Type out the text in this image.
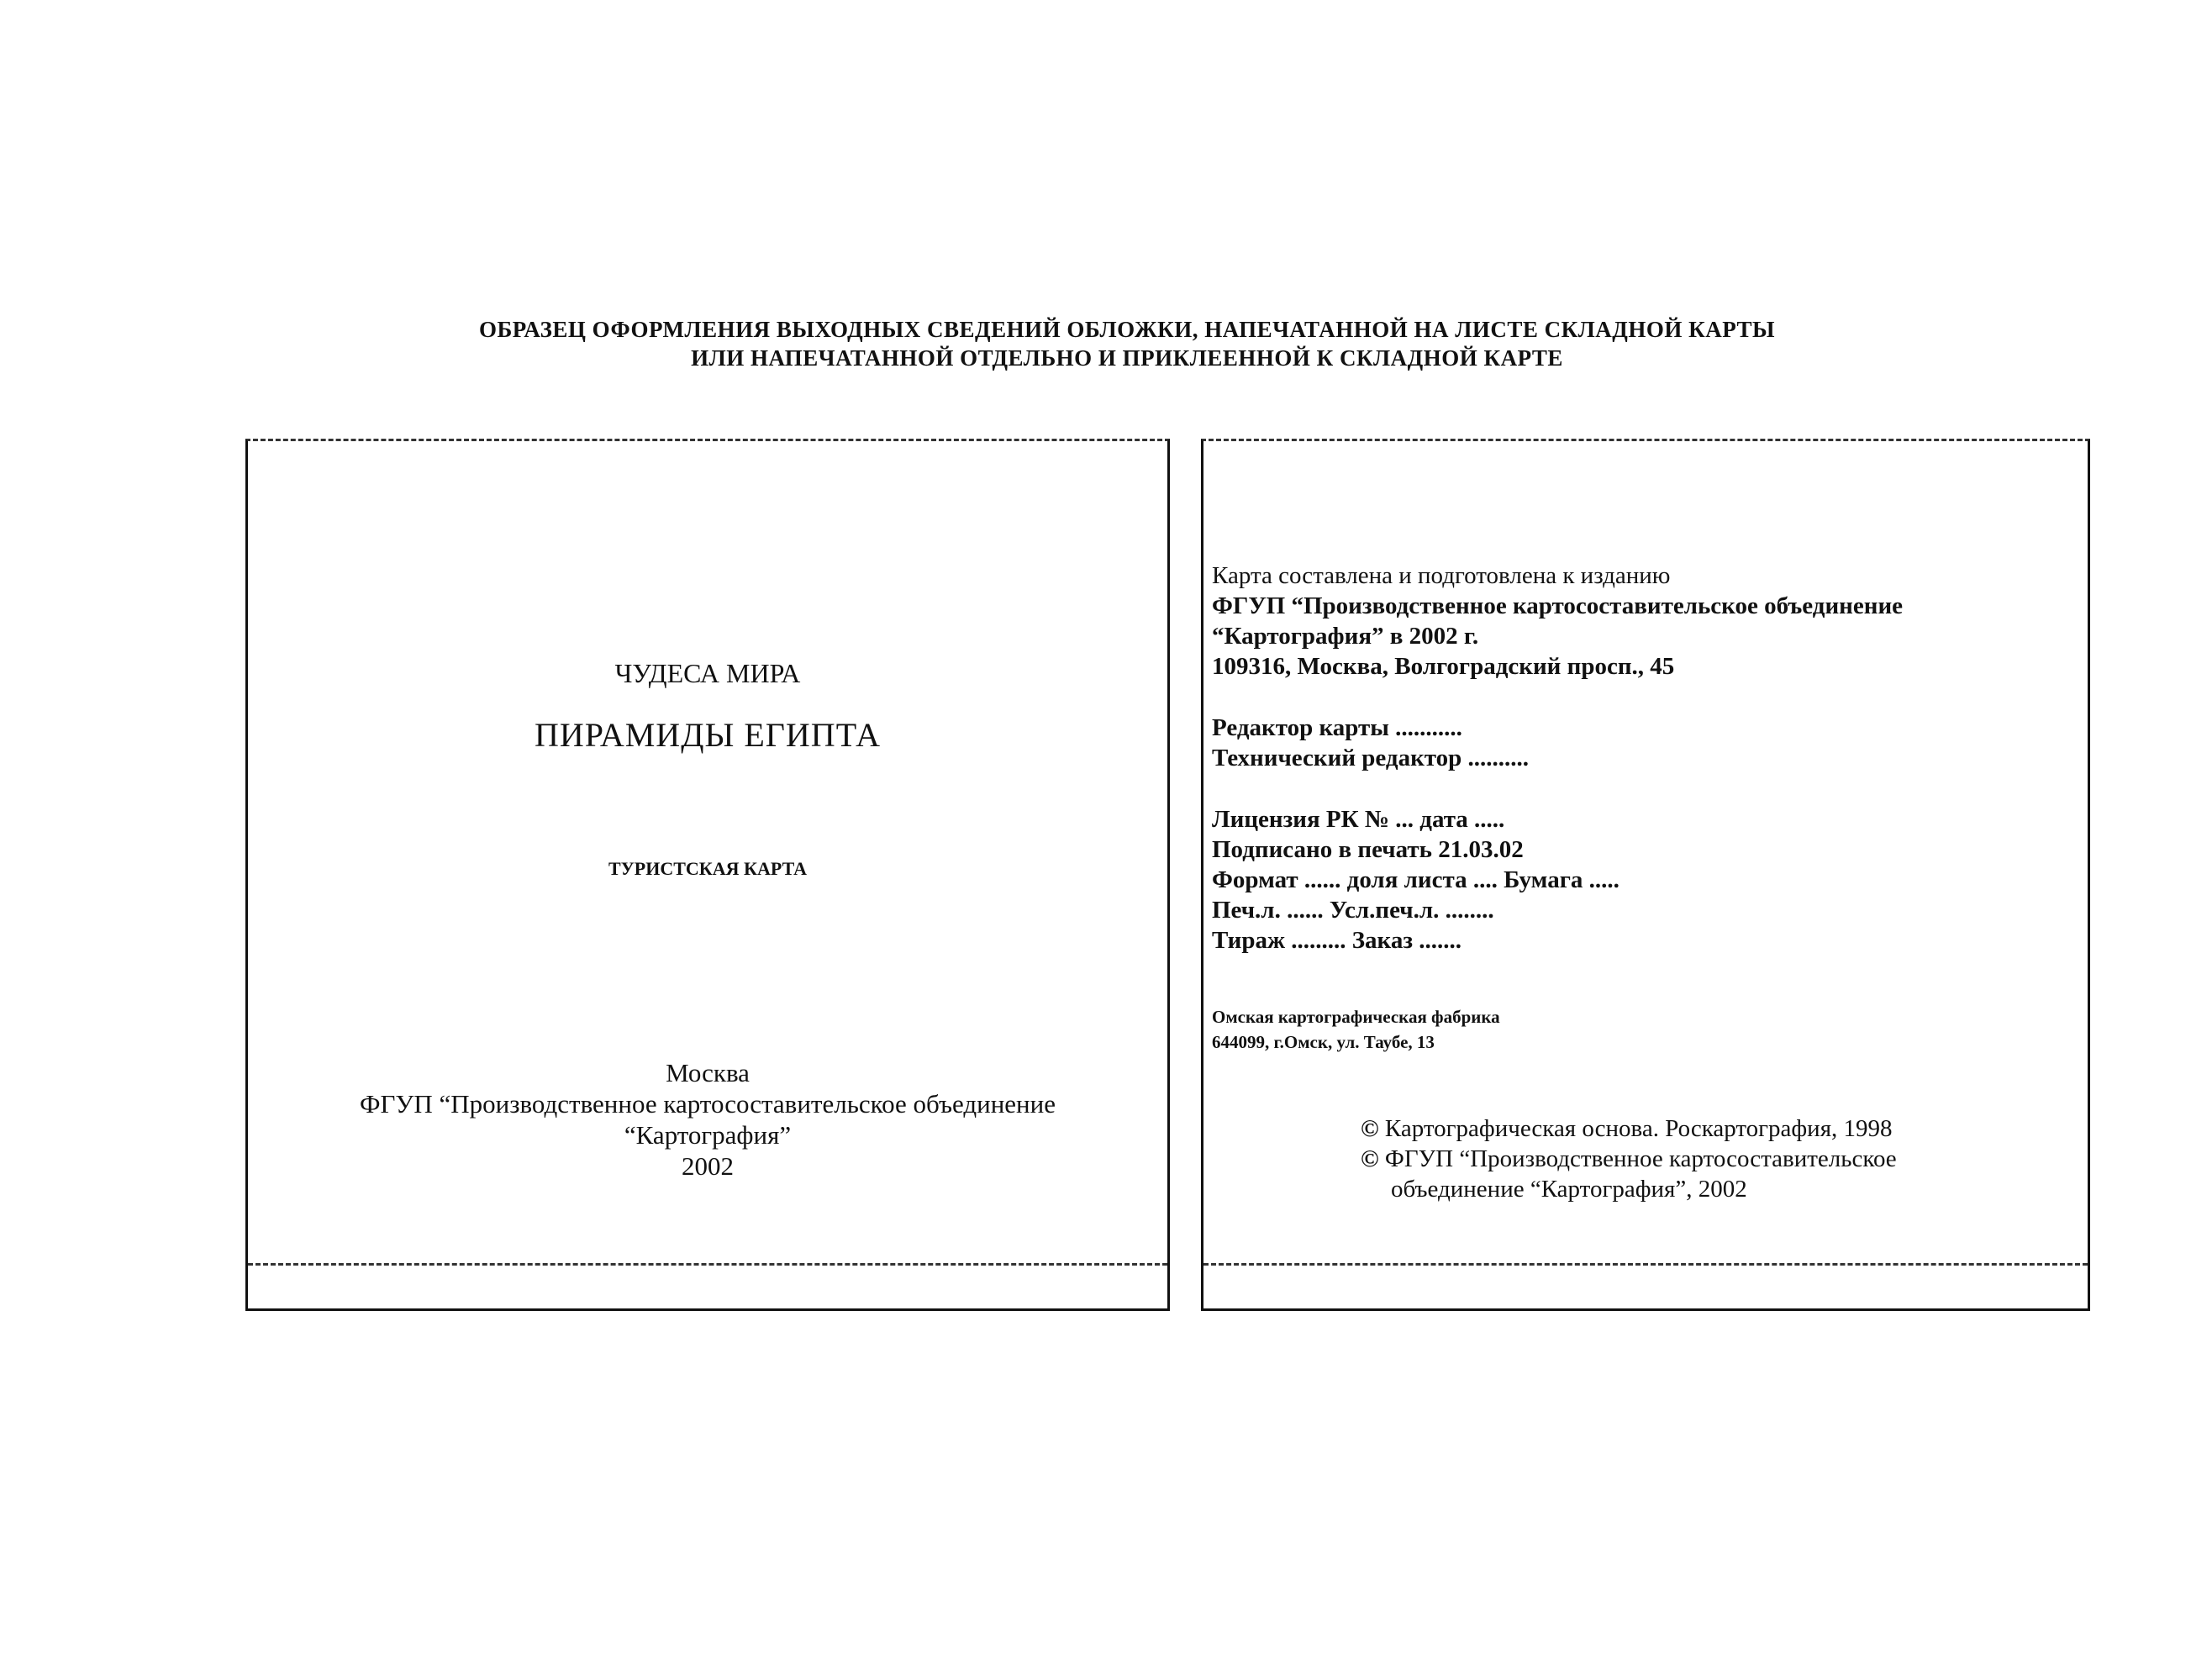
ОБРАЗЕЦ ОФОРМЛЕНИЯ ВЫХОДНЫХ СВЕДЕНИЙ ОБЛОЖКИ, НАПЕЧАТАННОЙ НА ЛИСТЕ СКЛАДНОЙ КАРТЫ
ИЛИ НАПЕЧАТАННОЙ ОТДЕЛЬНО И ПРИКЛЕЕННОЙ К СКЛАДНОЙ КАРТЕ
ЧУДЕСА МИРА
ПИРАМИДЫ ЕГИПТА
ТУРИСТСКАЯ КАРТА
Москва
ФГУП “Производственное картосоставительское объединение
“Картография”
2002
Карта составлена и подготовлена к изданию
ФГУП “Производственное картосоставительское объединение
“Картография” в 2002 г.
109316, Москва, Волгоградский просп., 45
Редактор карты ...........
Технический редактор ..........
Лицензия РК № ... дата .....
Подписано в печать 21.03.02
Формат ...... доля листа .... Бумага .....
Печ.л. ...... Усл.печ.л. ........
Тираж ......... Заказ .......
Омская картографическая фабрика
644099, г.Омск, ул. Таубе, 13
© Картографическая основа. Роскартография, 1998
© ФГУП “Производственное картосоставительское
объединение “Картография”, 2002
